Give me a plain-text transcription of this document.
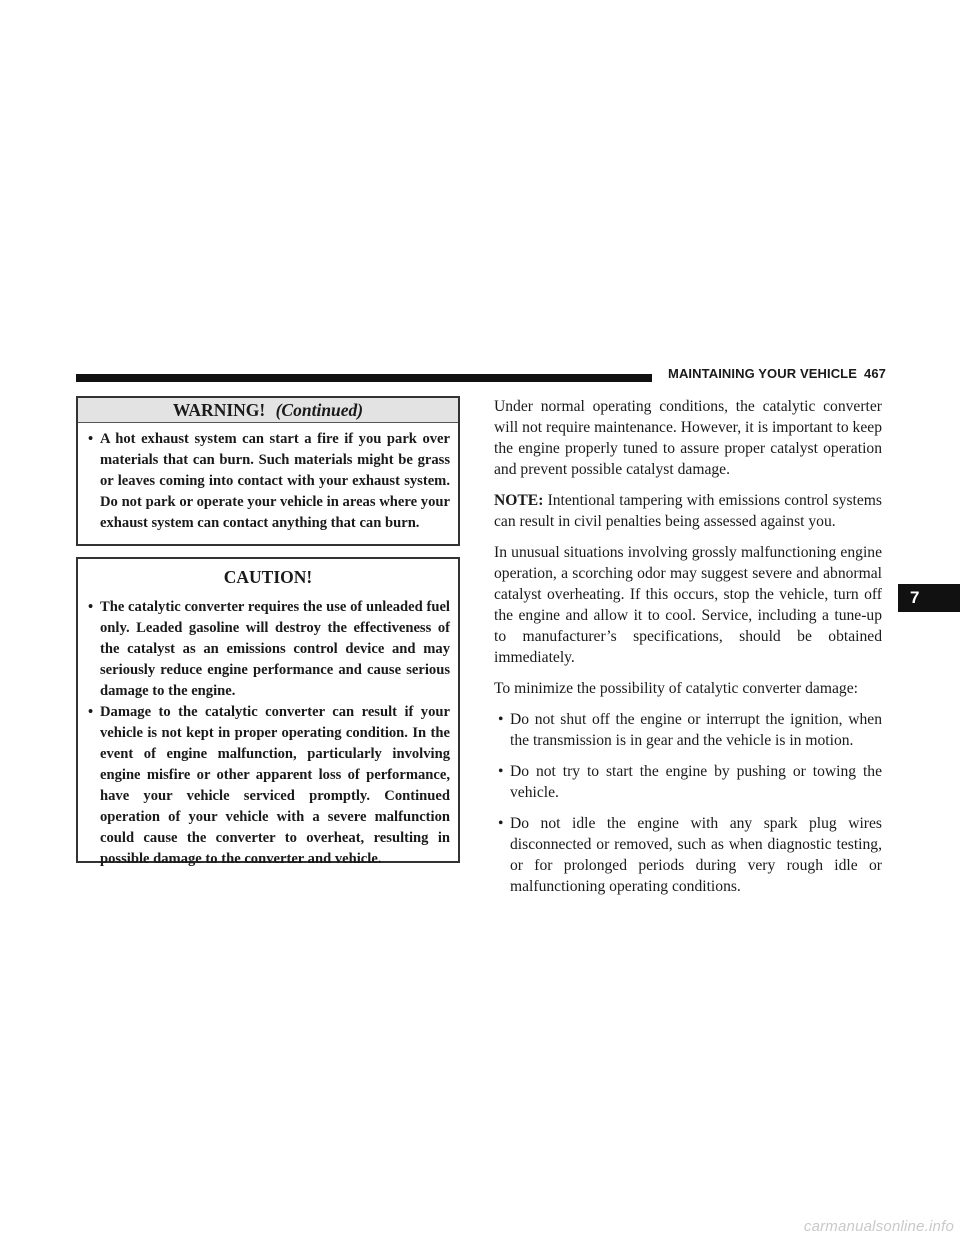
MAINTAINING YOUR VEHICLE 467
WARNING! (Continued)
• A hot exhaust system can start a fire if you park over materials that can burn. Such materials might be grass or leaves coming into contact with your exhaust system. Do not park or operate your vehicle in areas where your exhaust system can contact anything that can burn.
CAUTION!
• The catalytic converter requires the use of unleaded fuel only. Leaded gasoline will destroy the effectiveness of the catalyst as an emissions control device and may seriously reduce engine performance and cause serious damage to the engine.
• Damage to the catalytic converter can result if your vehicle is not kept in proper operating condition. In the event of engine malfunction, particularly involving engine misfire or other apparent loss of performance, have your vehicle serviced promptly. Continued operation of your vehicle with a severe malfunction could cause the converter to overheat, resulting in possible damage to the converter and vehicle.

Under normal operating conditions, the catalytic converter will not require maintenance. However, it is important to keep the engine properly tuned to assure proper catalyst operation and prevent possible catalyst damage.

NOTE: Intentional tampering with emissions control systems can result in civil penalties being assessed against you.

In unusual situations involving grossly malfunctioning engine operation, a scorching odor may suggest severe and abnormal catalyst overheating. If this occurs, stop the vehicle, turn off the engine and allow it to cool. Service, including a tune-up to manufacturer’s specifications, should be obtained immediately.

To minimize the possibility of catalytic converter damage:

• Do not shut off the engine or interrupt the ignition, when the transmission is in gear and the vehicle is in motion.
• Do not try to start the engine by pushing or towing the vehicle.
• Do not idle the engine with any spark plug wires disconnected or removed, such as when diagnostic testing, or for prolonged periods during very rough idle or malfunctioning operating conditions.
7
carmanualsonline.info
